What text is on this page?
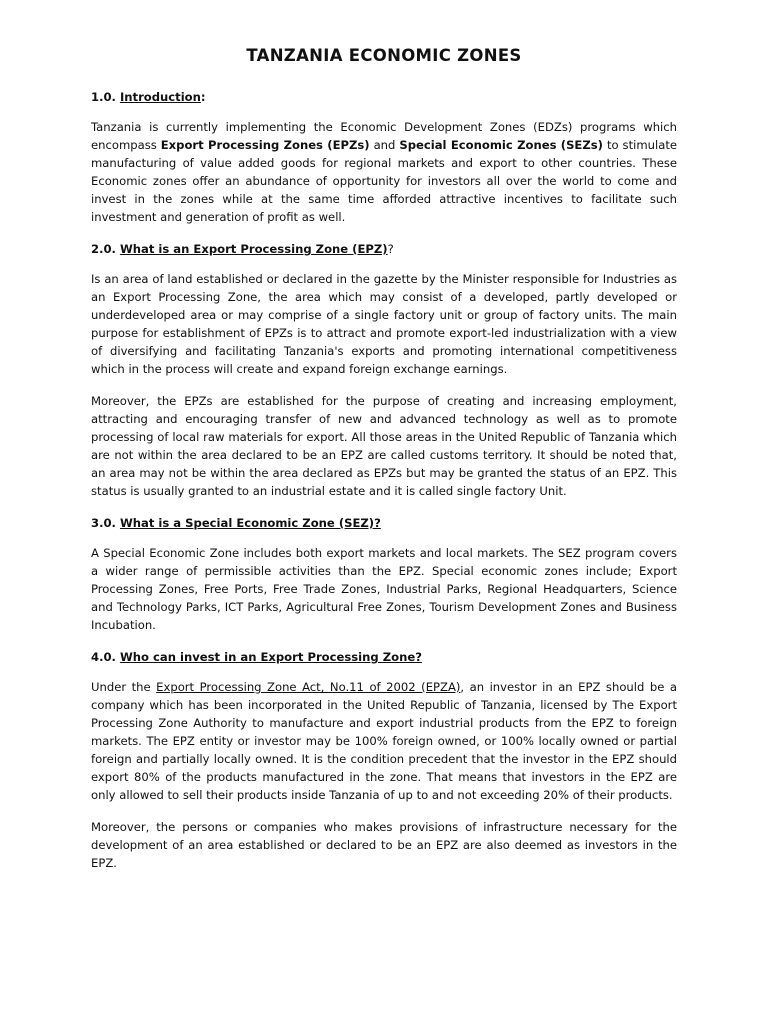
TANZANIA ECONOMIC ZONES
1.0. Introduction:

Tanzania is currently implementing the Economic Development Zones (EDZs) programs which encompass Export Processing Zones (EPZs) and Special Economic Zones (SEZs) to stimulate manufacturing of value added goods for regional markets and export to other countries. These Economic zones offer an abundance of opportunity for investors all over the world to come and invest in the zones while at the same time afforded attractive incentives to facilitate such investment and generation of profit as well.

2.0. What is an Export Processing Zone (EPZ)?

Is an area of land established or declared in the gazette by the Minister responsible for Industries as an Export Processing Zone, the area which may consist of a developed, partly developed or underdeveloped area or may comprise of a single factory unit or group of factory units. The main purpose for establishment of EPZs is to attract and promote export-led industrialization with a view of diversifying and facilitating Tanzania's exports and promoting international competitiveness which in the process will create and expand foreign exchange earnings.

Moreover, the EPZs are established for the purpose of creating and increasing employment, attracting and encouraging transfer of new and advanced technology as well as to promote processing of local raw materials for export. All those areas in the United Republic of Tanzania which are not within the area declared to be an EPZ are called customs territory. It should be noted that, an area may not be within the area declared as EPZs but may be granted the status of an EPZ. This status is usually granted to an industrial estate and it is called single factory Unit.

3.0. What is a Special Economic Zone (SEZ)?

A Special Economic Zone includes both export markets and local markets. The SEZ program covers a wider range of permissible activities than the EPZ. Special economic zones include; Export Processing Zones, Free Ports, Free Trade Zones, Industrial Parks, Regional Headquarters, Science and Technology Parks, ICT Parks, Agricultural Free Zones, Tourism Development Zones and Business Incubation.

4.0. Who can invest in an Export Processing Zone?

Under the Export Processing Zone Act, No.11 of 2002 (EPZA), an investor in an EPZ should be a company which has been incorporated in the United Republic of Tanzania, licensed by The Export Processing Zone Authority to manufacture and export industrial products from the EPZ to foreign markets. The EPZ entity or investor may be 100% foreign owned, or 100% locally owned or partial foreign and partially locally owned. It is the condition precedent that the investor in the EPZ should export 80% of the products manufactured in the zone. That means that investors in the EPZ are only allowed to sell their products inside Tanzania of up to and not exceeding 20% of their products.

Moreover, the persons or companies who makes provisions of infrastructure necessary for the development of an area established or declared to be an EPZ are also deemed as investors in the EPZ.
